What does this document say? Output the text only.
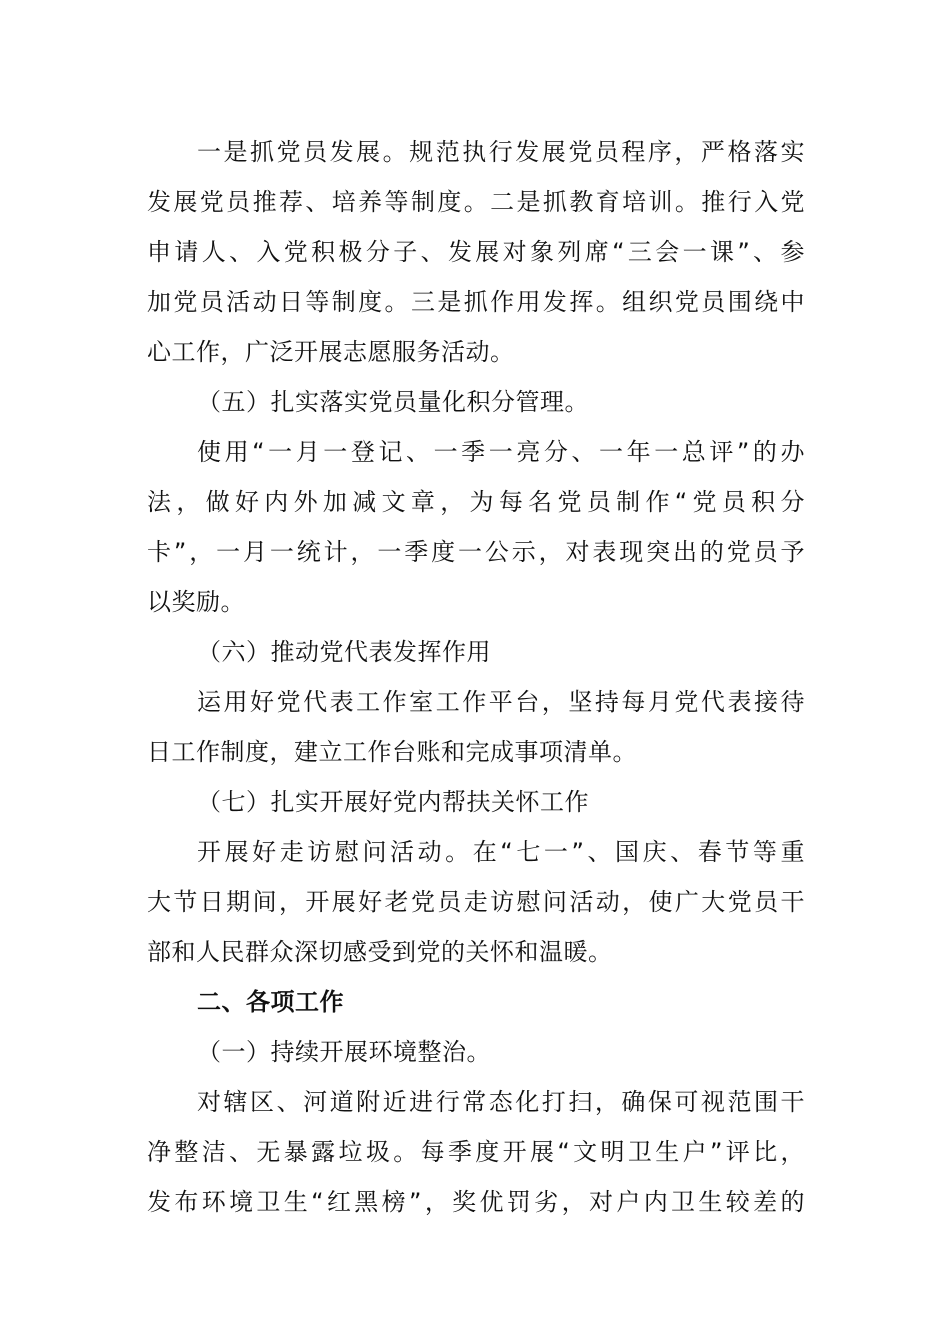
一是抓党员发展。规范执行发展党员程序，严格落实
发展党员推荐、培养等制度。二是抓教育培训。推行入党
申请人、入党积极分子、发展对象列席“三会一课”、参
加党员活动日等制度。三是抓作用发挥。组织党员围绕中
心工作，广泛开展志愿服务活动。
（五）扎实落实党员量化积分管理。
使用“一月一登记、一季一亮分、一年一总评”的办
法，做好内外加减文章，为每名党员制作“党员积分
卡”，一月一统计，一季度一公示，对表现突出的党员予
以奖励。
（六）推动党代表发挥作用
运用好党代表工作室工作平台，坚持每月党代表接待
日工作制度，建立工作台账和完成事项清单。
（七）扎实开展好党内帮扶关怀工作
开展好走访慰问活动。在“七一”、国庆、春节等重
大节日期间，开展好老党员走访慰问活动，使广大党员干
部和人民群众深切感受到党的关怀和温暖。
二、各项工作
（一）持续开展环境整治。
对辖区、河道附近进行常态化打扫，确保可视范围干
净整洁、无暴露垃圾。每季度开展“文明卫生户”评比，
发布环境卫生“红黑榜”，奖优罚劣，对户内卫生较差的
